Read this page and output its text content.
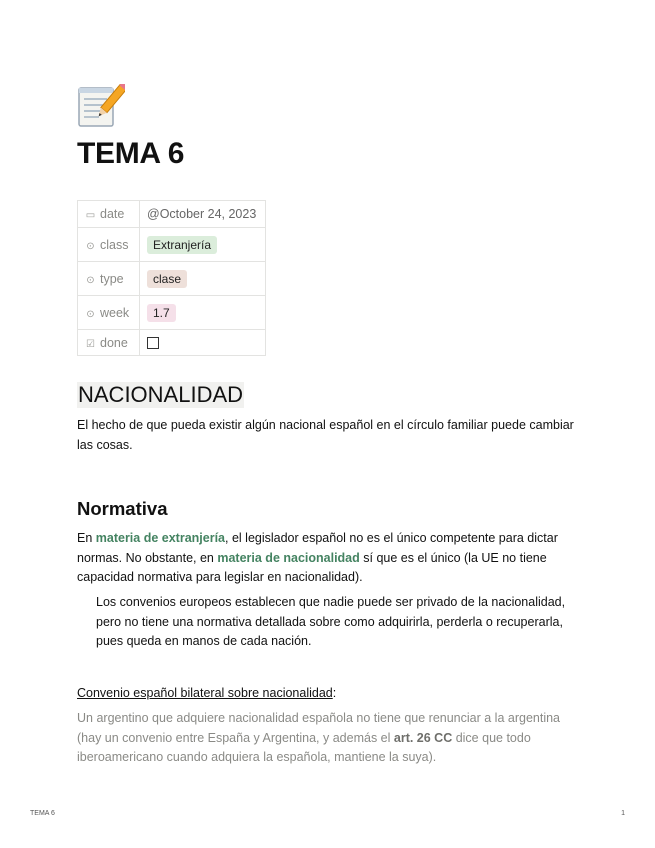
TEMA 6
▭ date	@October 24, 2023
⊙ class	Extranjería
⊙ type	clase
⊙ week	1.7
☑ done	
NACIONALIDAD

El hecho de que pueda existir algún nacional español en el círculo familiar puede cambiar las cosas.

Normativa

En materia de extranjería, el legislador español no es el único competente para dictar normas. No obstante, en materia de nacionalidad sí que es el único (la UE no tiene capacidad normativa para legislar en nacionalidad).

Los convenios europeos establecen que nadie puede ser privado de la nacionalidad, pero no tiene una normativa detallada sobre como adquirirla, perderla o recuperarla, pues queda en manos de cada nación.

Convenio español bilateral sobre nacionalidad:

Un argentino que adquiere nacionalidad española no tiene que renunciar a la argentina (hay un convenio entre España y Argentina, y además el art. 26 CC dice que todo iberoamericano cuando adquiera la española, mantiene la suya).

TEMA 6	1
